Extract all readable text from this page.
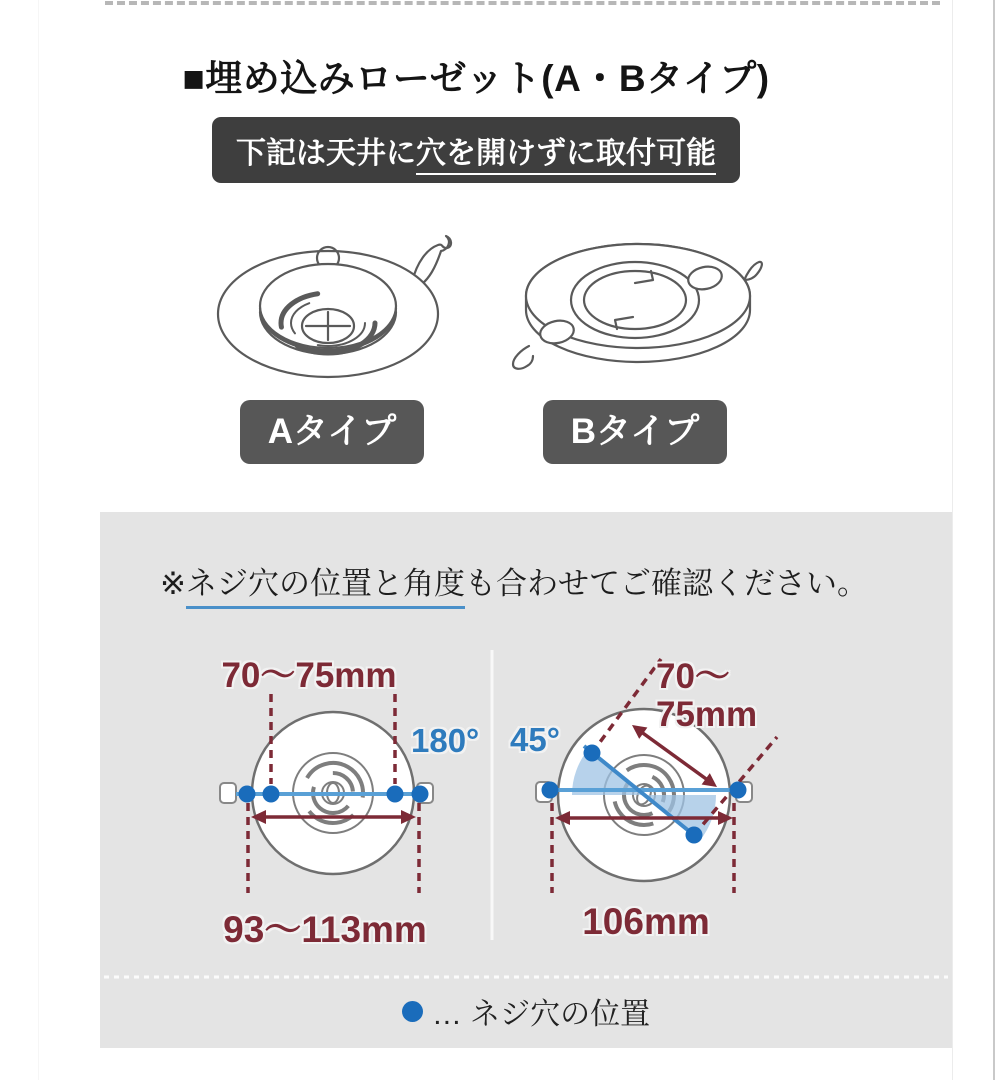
■埋め込みローゼット(A・Bタイプ)
下記は天井に穴を開けずに取付可能
Aタイプ	Bタイプ
※ネジ穴の位置と角度も合わせてご確認ください。
70〜75mm
180°
93〜113mm
45°
70〜
75mm
106mm
… ネジ穴の位置
